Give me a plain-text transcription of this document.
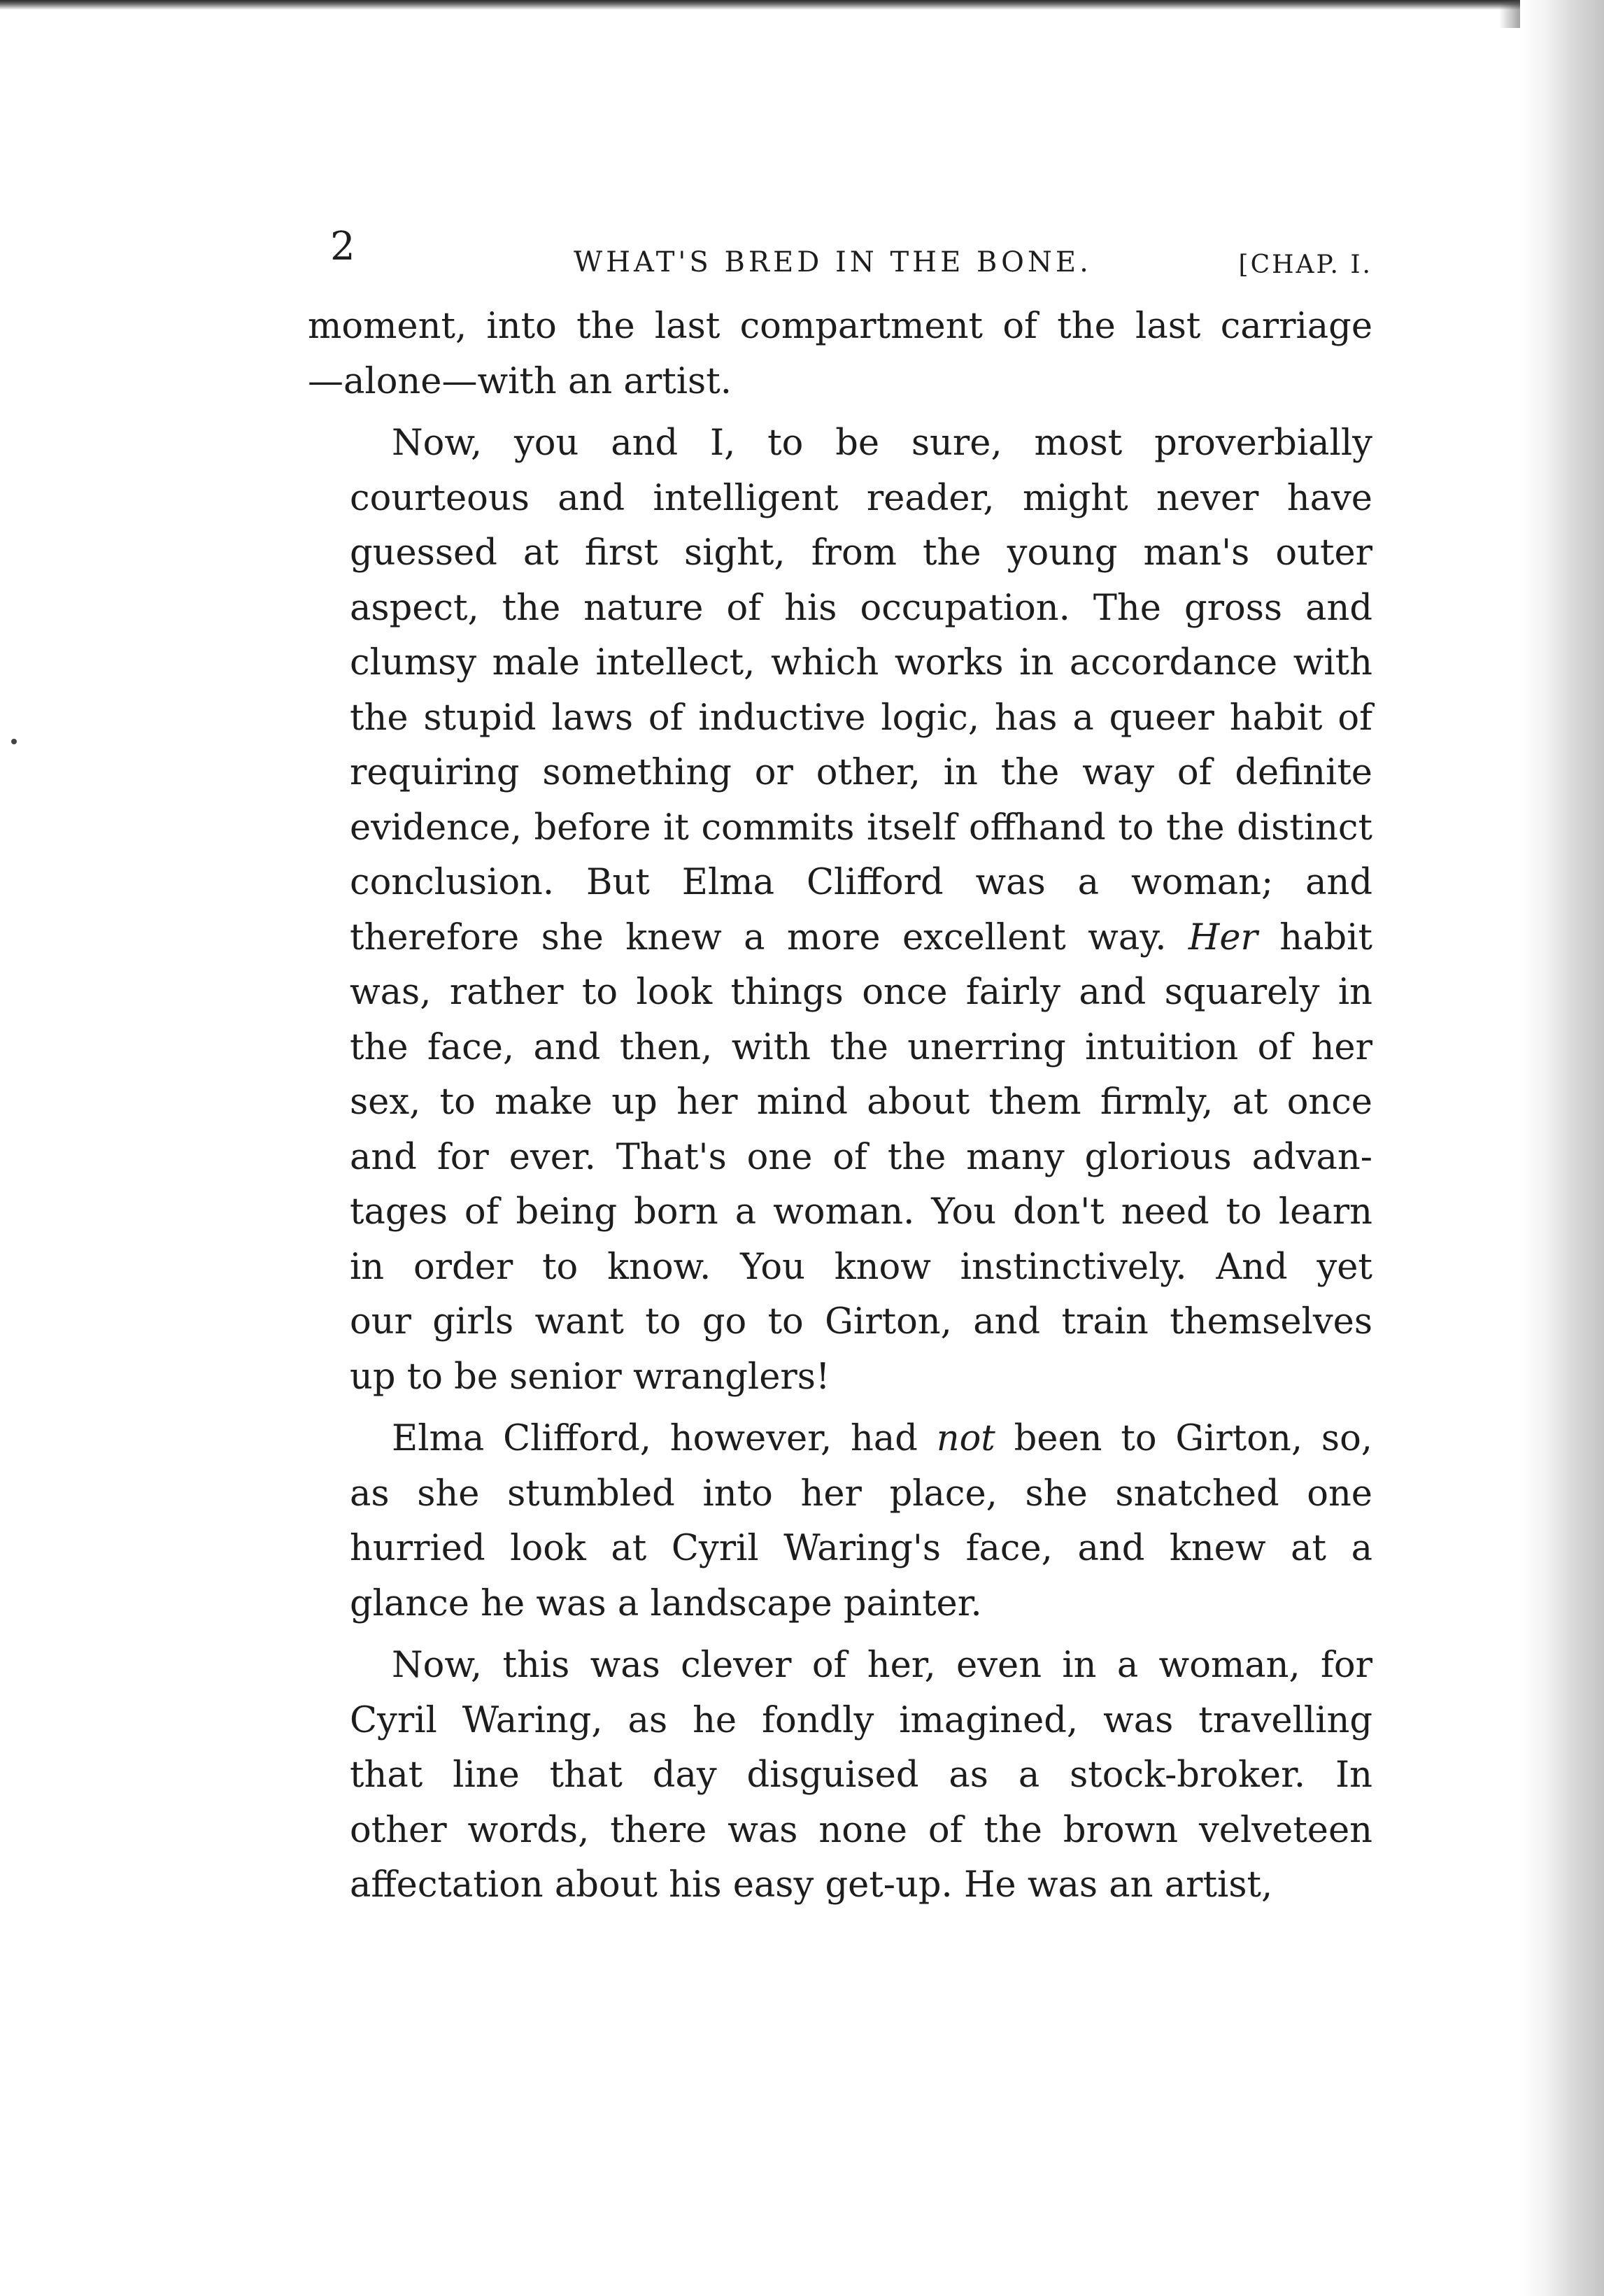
2	WHAT'S BRED IN THE BONE.	[CHAP. I.
moment, into the last compartment of the last carriage
—alone—with an artist.
Now, you and I, to be sure, most proverbially
courteous and intelligent reader, might never have
guessed at first sight, from the young man's outer
aspect, the nature of his occupation. The gross and
clumsy male intellect, which works in accordance with
the stupid laws of inductive logic, has a queer habit of
requiring something or other, in the way of definite
evidence, before it commits itself offhand to the distinct
conclusion. But Elma Clifford was a woman; and
therefore she knew a more excellent way. Her habit
was, rather to look things once fairly and squarely in
the face, and then, with the unerring intuition of her
sex, to make up her mind about them firmly, at once
and for ever. That's one of the many glorious advan-
tages of being born a woman. You don't need to learn
in order to know. You know instinctively. And yet
our girls want to go to Girton, and train themselves
up to be senior wranglers!
Elma Clifford, however, had not been to Girton, so,
as she stumbled into her place, she snatched one
hurried look at Cyril Waring's face, and knew at a
glance he was a landscape painter.
Now, this was clever of her, even in a woman, for
Cyril Waring, as he fondly imagined, was travelling
that line that day disguised as a stock-broker. In
other words, there was none of the brown velveteen
affectation about his easy get-up. He was an artist,
